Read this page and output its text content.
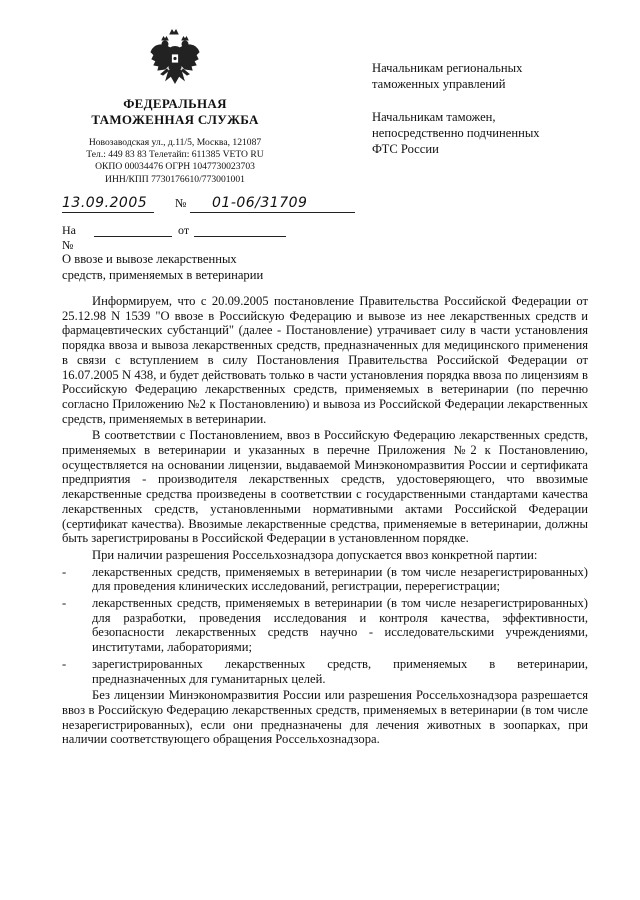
ФЕДЕРАЛЬНАЯ
ТАМОЖЕННАЯ СЛУЖБА
Новозаводская ул., д.11/5, Москва, 121087
Тел.: 449 83 83 Телетайп: 611385 VETO RU
ОКПО 00034476 ОГРН 1047730023703
ИНН/КПП 7730176610/773001001
Начальникам региональных
таможенных управлений
Начальникам таможен,
непосредственно подчиненных
ФТС России
13.09.2005	№ 01-06/31709
На №
от
О ввозе и вывозе лекарственных
средств, применяемых в ветеринарии

Информируем, что с 20.09.2005 постановление Правительства Российской Федерации от 25.12.98 N 1539 "О ввозе в Российскую Федерацию и вывозе из нее лекарственных средств и фармацевтических субстанций" (далее - Постановление) утрачивает силу в части установления порядка ввоза и вывоза лекарственных средств, предназначенных для медицинского применения в связи с вступлением в силу Постановления Правительства Российской Федерации от 16.07.2005 N 438, и будет действовать только в части установления порядка ввоза по лицензиям в Российскую Федерацию лекарственных средств, применяемых в ветеринарии (по перечню согласно Приложению №2 к Постановлению) и вывоза из Российской Федерации лекарственных средств, применяемых в ветеринарии.

В соответствии с Постановлением, ввоз в Российскую Федерацию лекарственных средств, применяемых в ветеринарии и указанных в перечне Приложения №2 к Постановлению, осуществляется на основании лицензии, выдаваемой Минэкономразвития России и сертификата предприятия - производителя лекарственных средств, удостоверяющего, что ввозимые лекарственные средства произведены в соответствии с государственными стандартами качества лекарственных средств, установленными нормативными актами Российской Федерации (сертификат качества). Ввозимые лекарственные средства, применяемые в ветеринарии, должны быть зарегистрированы в Российской Федерации в установленном порядке.

При наличии разрешения Россельхознадзора допускается ввоз конкретной партии:

- лекарственных средств, применяемых в ветеринарии (в том числе незарегистрированных) для проведения клинических исследований, регистрации, перерегистрации;
- лекарственных средств, применяемых в ветеринарии (в том числе незарегистрированных) для разработки, проведения исследования и контроля качества, эффективности, безопасности лекарственных средств научно - исследовательскими учреждениями, институтами, лабораториями;
- зарегистрированных лекарственных средств, применяемых в ветеринарии, предназначенных для гуманитарных целей.

Без лицензии Минэкономразвития России или разрешения Россельхознадзора разрешается ввоз в Российскую Федерацию лекарственных средств, применяемых в ветеринарии (в том числе незарегистрированных), если они предназначены для лечения животных в зоопарках, при наличии соответствующего обращения Россельхознадзора.
